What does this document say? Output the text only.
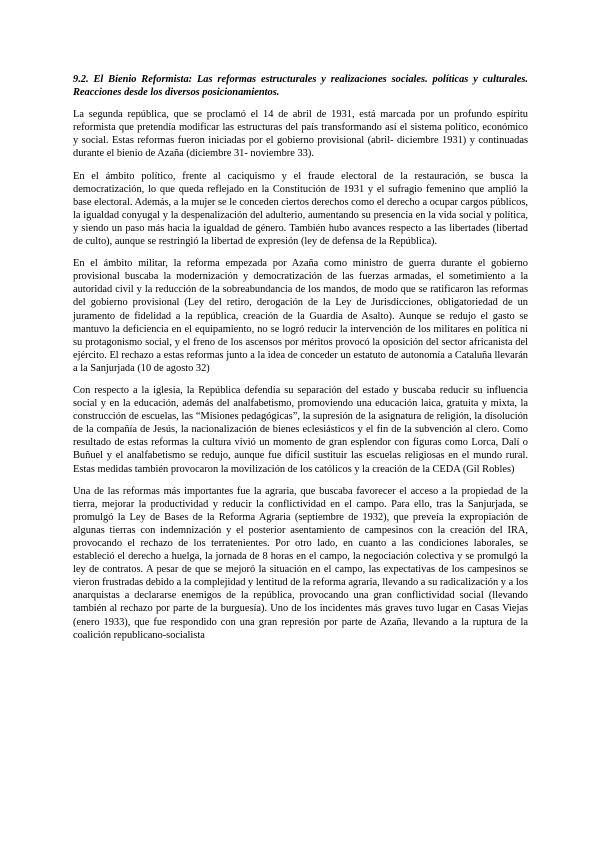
9.2. El Bienio Reformista: Las reformas estructurales y realizaciones sociales. políticas y culturales. Reacciones desde los diversos posicionamientos.

La segunda república, que se proclamó el 14 de abril de 1931, está marcada por un profundo espíritu reformista que pretendía modificar las estructuras del país transformando así el sistema político, económico y social. Estas reformas fueron iniciadas por el gobierno provisional (abril- diciembre 1931) y continuadas durante el bienio de Azaña (diciembre 31- noviembre 33).

En el ámbito político, frente al caciquismo y el fraude electoral de la restauración, se busca la democratización, lo que queda reflejado en la Constitución de 1931 y el sufragio femenino que amplió la base electoral. Además, a la mujer se le conceden ciertos derechos como el derecho a ocupar cargos públicos, la igualdad conyugal y la despenalización del adulterio, aumentando su presencia en la vida social y política, y siendo un paso más hacia la igualdad de género. También hubo avances respecto a las libertades (libertad de culto), aunque se restringió la libertad de expresión (ley de defensa de la República).

En el ámbito militar, la reforma empezada por Azaña como ministro de guerra durante el gobierno provisional buscaba la modernización y democratización de las fuerzas armadas, el sometimiento a la autoridad civil y la reducción de la sobreabundancia de los mandos, de modo que se ratificaron las reformas del gobierno provisional (Ley del retiro, derogación de la Ley de Jurisdicciones, obligatoriedad de un juramento de fidelidad a la república, creación de la Guardia de Asalto). Aunque se redujo el gasto se mantuvo la deficiencia en el equipamiento, no se logró reducir la intervención de los militares en política ni su protagonismo social, y el freno de los ascensos por méritos provocó la oposición del sector africanista del ejército. El rechazo a estas reformas junto a la idea de conceder un estatuto de autonomía a Cataluña llevarán a la Sanjurjada (10 de agosto 32)

Con respecto a la iglesia, la República defendía su separación del estado y buscaba reducir su influencia social y en la educación, además del analfabetismo, promoviendo una educación laica, gratuita y mixta, la construcción de escuelas, las “Misiones pedagógicas”, la supresión de la asignatura de religión, la disolución de la compañía de Jesús, la nacionalización de bienes eclesiásticos y el fin de la subvención al clero. Como resultado de estas reformas la cultura vivió un momento de gran esplendor con figuras como Lorca, Dalí o Buñuel y el analfabetismo se redujo, aunque fue difícil sustituir las escuelas religiosas en el mundo rural. Estas medidas también provocaron la movilización de los católicos y la creación de la CEDA (Gil Robles)

Una de las reformas más importantes fue la agraria, que buscaba favorecer el acceso a la propiedad de la tierra, mejorar la productividad y reducir la conflictividad en el campo. Para ello, tras la Sanjurjada, se promulgó la Ley de Bases de la Reforma Agraria (septiembre de 1932), que preveía la expropiación de algunas tierras con indemnización y el posterior asentamiento de campesinos con la creación del IRA, provocando el rechazo de los terratenientes. Por otro lado, en cuanto a las condiciones laborales, se estableció el derecho a huelga, la jornada de 8 horas en el campo, la negociación colectiva y se promulgó la ley de contratos. A pesar de que se mejoró la situación en el campo, las expectativas de los campesinos se vieron frustradas debido a la complejidad y lentitud de la reforma agraria, llevando a su radicalización y a los anarquistas a declararse enemigos de la república, provocando una gran conflictividad social (llevando también al rechazo por parte de la burguesía). Uno de los incidentes más graves tuvo lugar en Casas Viejas (enero 1933), que fue respondido con una gran represión por parte de Azaña, llevando a la ruptura de la coalición republicano-socialista
